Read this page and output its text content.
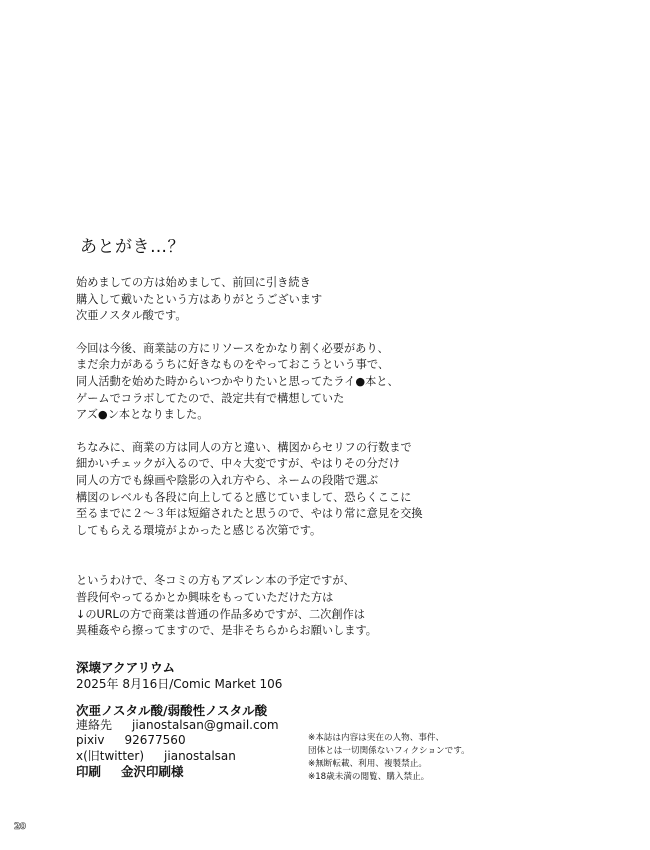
あとがき…？
始めましての方は始めまして、前回に引き続き
購入して戴いたという方はありがとうございます
次亜ノスタル酸です。
今回は今後、商業誌の方にリソースをかなり割く必要があり、
まだ余力があるうちに好きなものをやっておこうという事で、
同人活動を始めた時からいつかやりたいと思ってたライ●本と、
ゲームでコラボしてたので、設定共有で構想していた
アズ●ン本となりました。
ちなみに、商業の方は同人の方と違い、構図からセリフの行数まで
細かいチェックが入るので、中々大変ですが、やはりその分だけ
同人の方でも線画や陰影の入れ方やら、ネームの段階で選ぶ
構図のレベルも各段に向上してると感じていまして、恐らくここに
至るまでに２～３年は短縮されたと思うので、やはり常に意見を交換
してもらえる環境がよかったと感じる次第です。
というわけで、冬コミの方もアズレン本の予定ですが、
普段何やってるかとか興味をもっていただけた方は
↓のURLの方で商業は普通の作品多めですが、二次創作は
異種姦やら擦ってますので、是非そちらからお願いします。
深壊アクアリウム
2025年 8月16日/Comic Market 106
次亜ノスタル酸/弱酸性ノスタル酸
連絡先 jianostalsan@gmail.com
pixiv 92677560
x(旧twitter) jianostalsan
印刷 金沢印刷様
※本誌は内容は実在の人物、事件、
団体とは一切関係ないフィクションです。
※無断転載、利用、複製禁止。
※18歳未満の閲覧、購入禁止。
20
